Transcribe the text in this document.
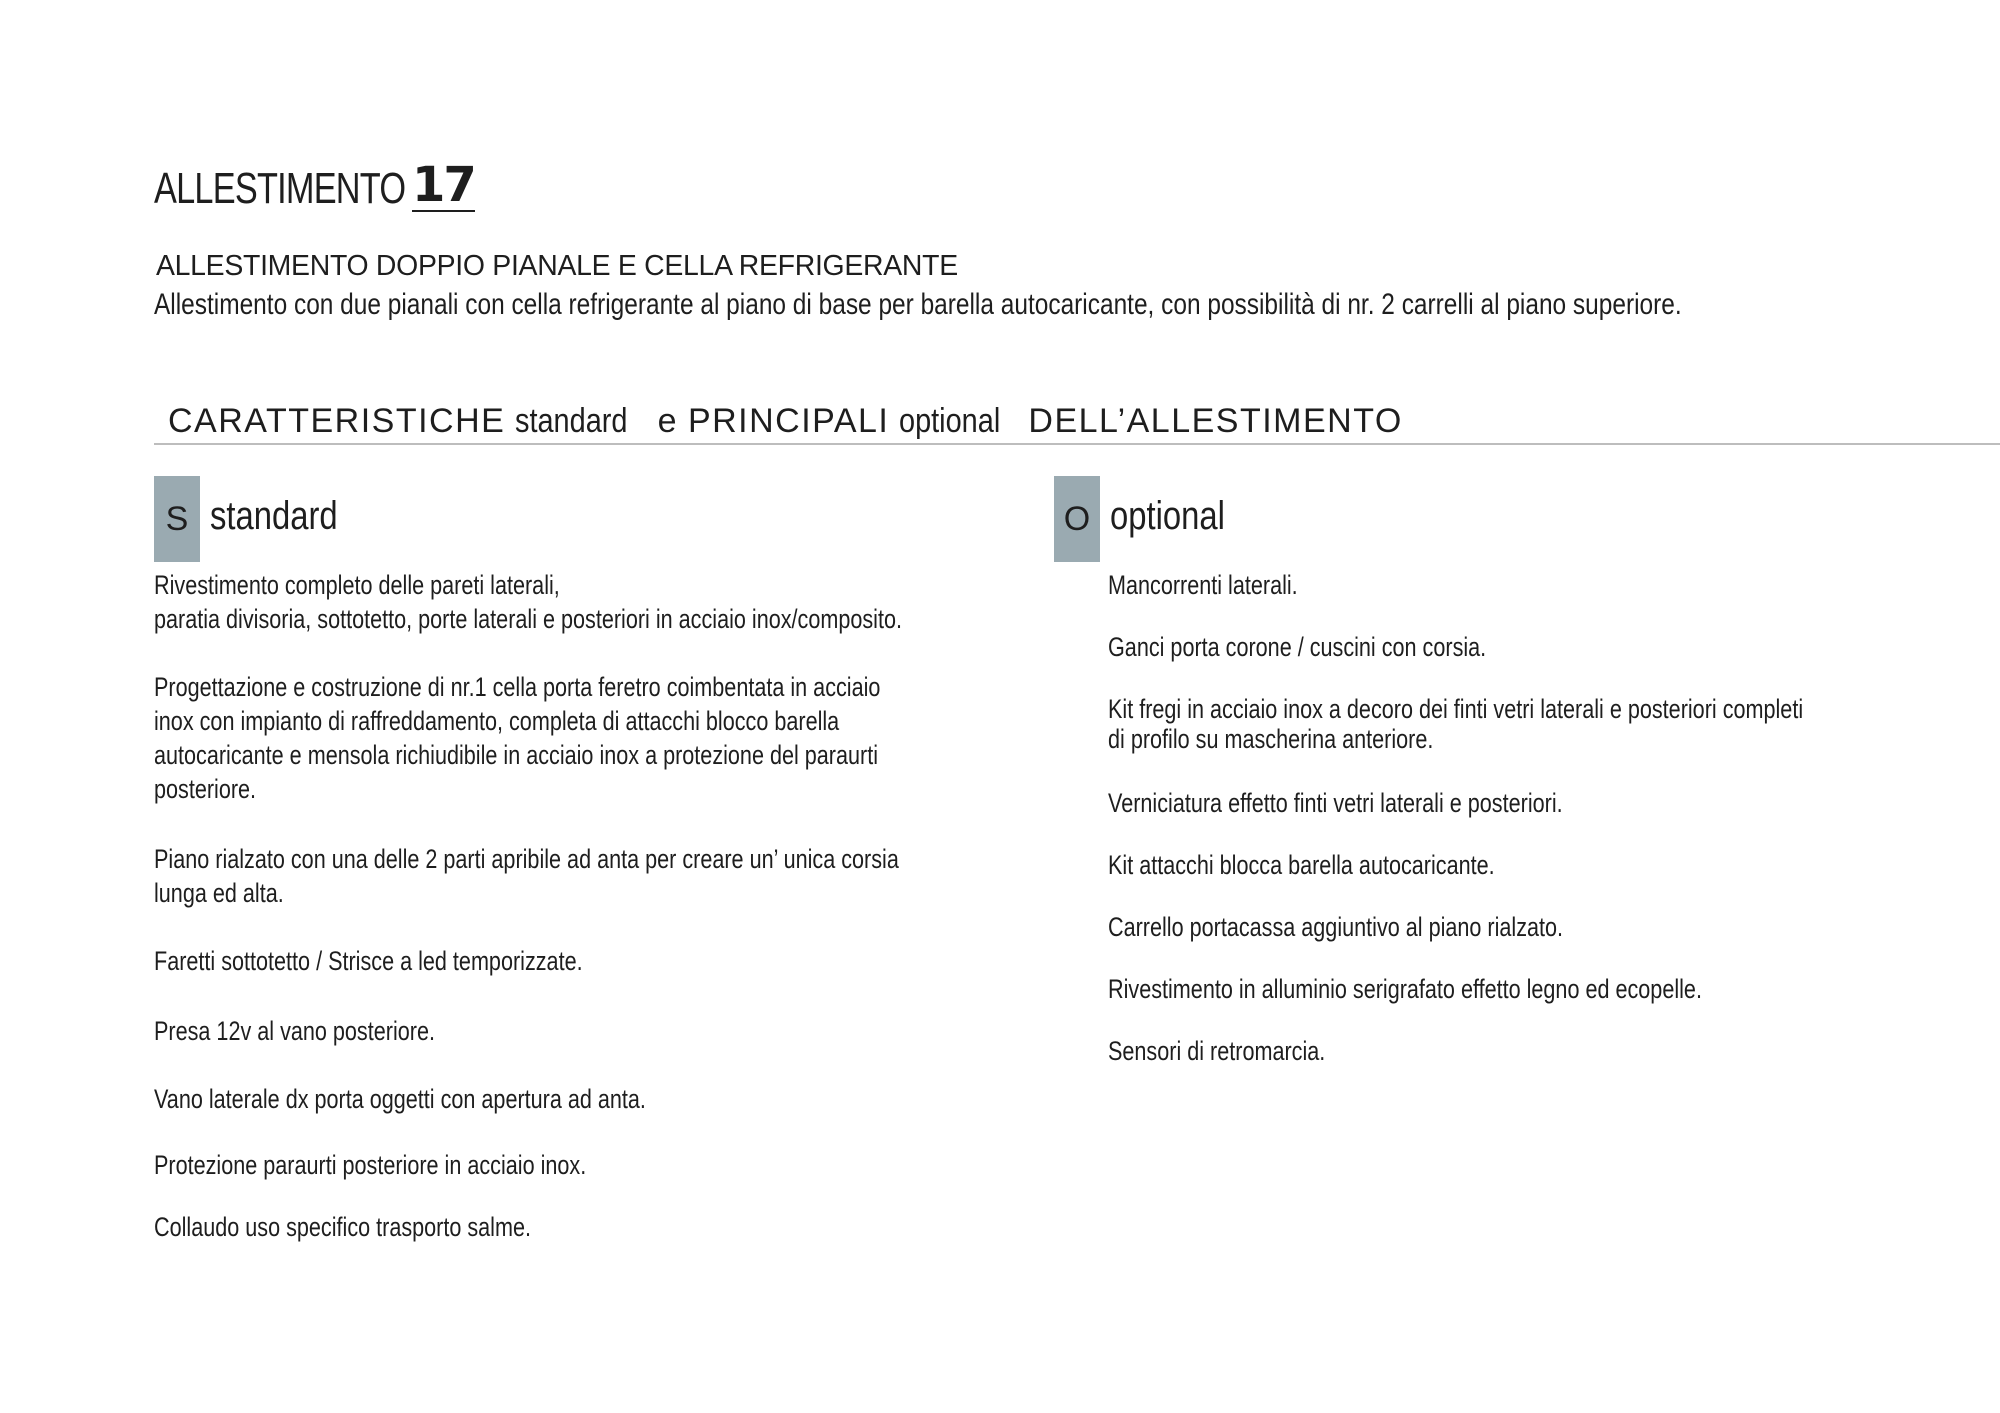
ALLESTIMENTO 17
ALLESTIMENTO DOPPIO PIANALE E CELLA REFRIGERANTE
Allestimento con due pianali con cella refrigerante al piano di base per barella autocaricante, con possibilità di nr. 2 carrelli al piano superiore.
CARATTERISTICHE standard e PRINCIPALI optional DELL’ALLESTIMENTO
S standard	O optional
Rivestimento completo delle pareti laterali,
paratia divisoria, sottotetto, porte laterali e posteriori in acciaio inox/composito.
Progettazione e costruzione di nr.1 cella porta feretro coimbentata in acciaio
inox con impianto di raffreddamento, completa di attacchi blocco barella
autocaricante e mensola richiudibile in acciaio inox a protezione del paraurti
posteriore.
Piano rialzato con una delle 2 parti apribile ad anta per creare un’ unica corsia
lunga ed alta.
Faretti sottotetto / Strisce a led temporizzate.
Presa 12v al vano posteriore.
Vano laterale dx porta oggetti con apertura ad anta.
Protezione paraurti posteriore in acciaio inox.
Collaudo uso specifico trasporto salme.
Mancorrenti laterali.
Ganci porta corone / cuscini con corsia.
Kit fregi in acciaio inox a decoro dei finti vetri laterali e posteriori completi
di profilo su mascherina anteriore.
Verniciatura effetto finti vetri laterali e posteriori.
Kit attacchi blocca barella autocaricante.
Carrello portacassa aggiuntivo al piano rialzato.
Rivestimento in alluminio serigrafato effetto legno ed ecopelle.
Sensori di retromarcia.
